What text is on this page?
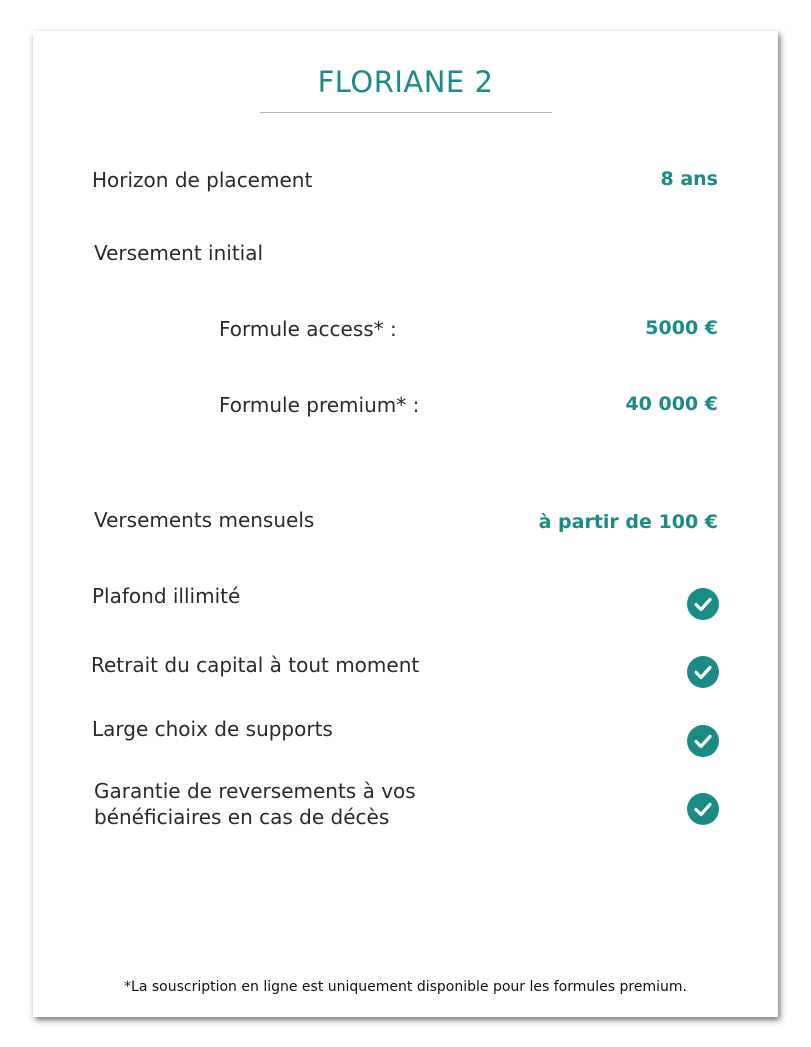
FLORIANE 2
Horizon de placement	8 ans
Versement initial
Formule access* :	5000 €
Formule premium* :	40 000 €
Versements mensuels	à partir de 100 €
Plafond illimité
Retrait du capital à tout moment
Large choix de supports
Garantie de reversements à vos
bénéficiaires en cas de décès
*La souscription en ligne est uniquement disponible pour les formules premium.
